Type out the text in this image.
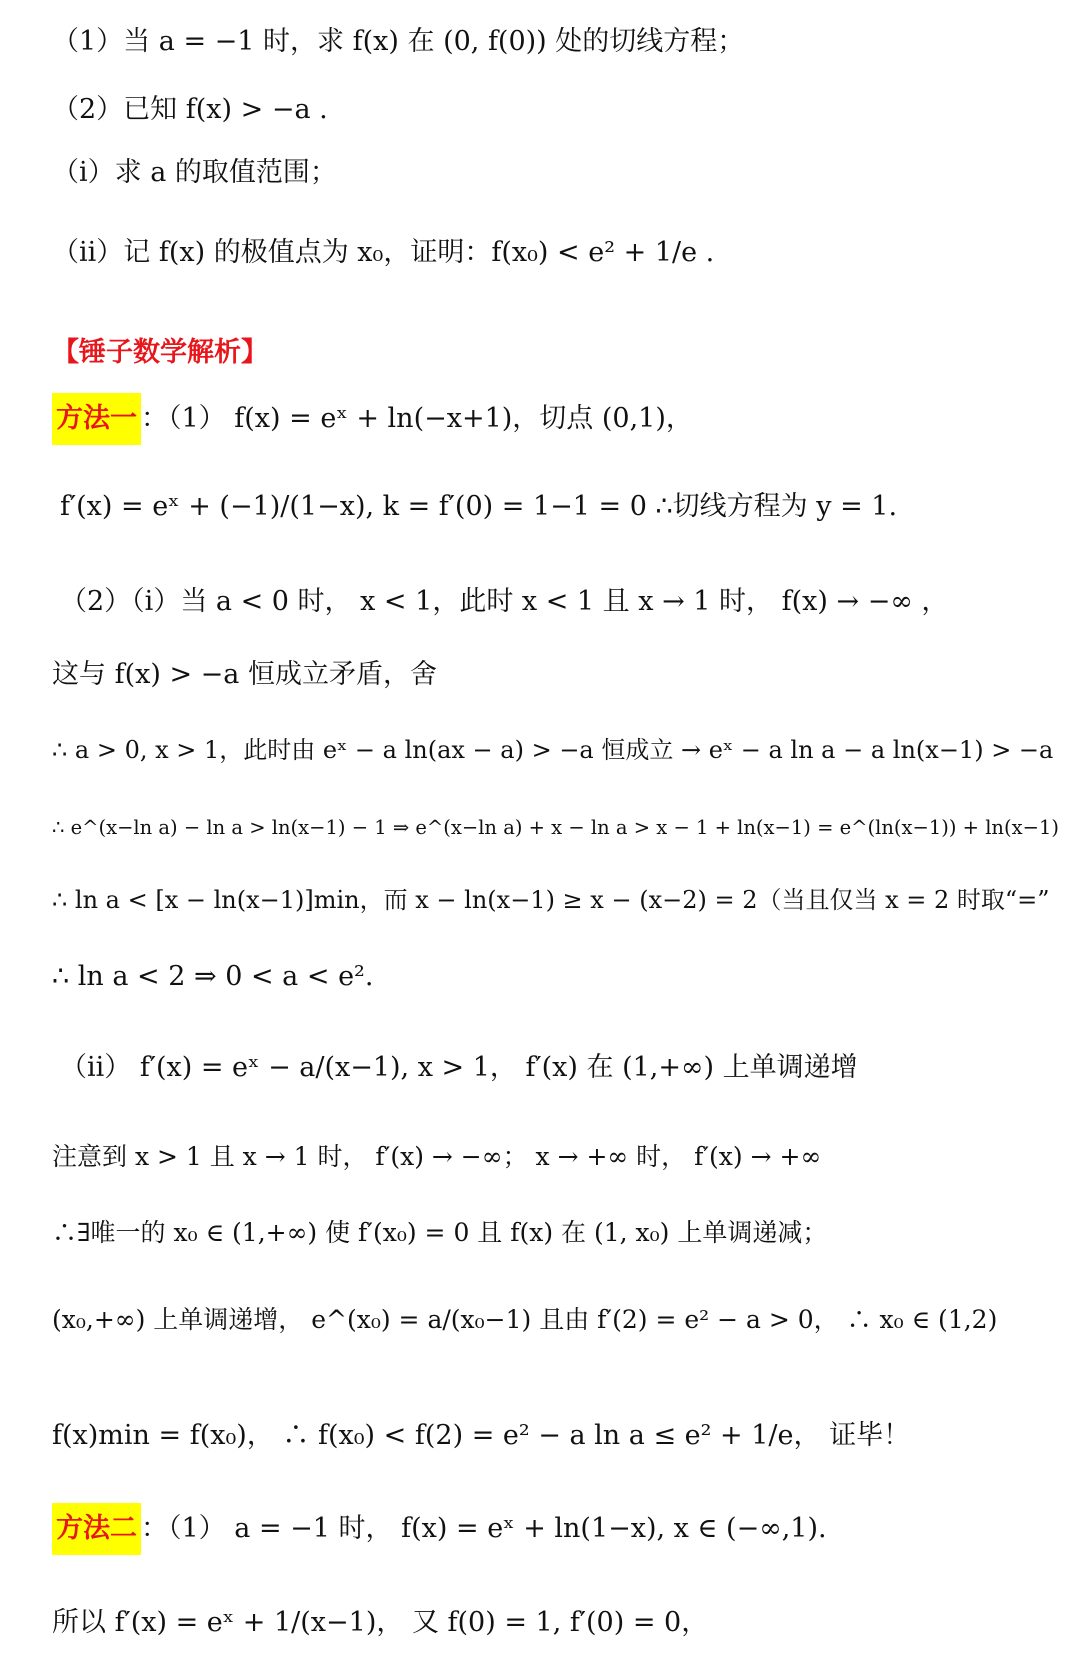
（1）当 a = −1 时，求 f(x) 在 (0, f(0)) 处的切线方程；
（2）已知 f(x) > −a .
（i）求 a 的取值范围；
（ii）记 f(x) 的极值点为 x₀，证明：f(x₀) < e² + 1/e .
【锤子数学解析】
方法一 ：（1） f(x) = eˣ + ln(−x+1)，切点 (0,1)，
f′(x) = eˣ + (−1)/(1−x), k = f′(0) = 1−1 = 0 ∴切线方程为 y = 1.
（2）（i）当 a < 0 时， x < 1，此时 x < 1 且 x → 1 时， f(x) → −∞ ，
这与 f(x) > −a 恒成立矛盾，舍
∴ a > 0, x > 1，此时由 eˣ − a ln(ax − a) > −a 恒成立 → eˣ − a ln a − a ln(x−1) > −a
∴ e^(x−ln a) − ln a > ln(x−1) − 1 ⇒ e^(x−ln a) + x − ln a > x − 1 + ln(x−1) = e^(ln(x−1)) + ln(x−1)
∴ ln a < [x − ln(x−1)]min，而 x − ln(x−1) ≥ x − (x−2) = 2（当且仅当 x = 2 时取“=”
∴ ln a < 2 ⇒ 0 < a < e².
（ii） f′(x) = eˣ − a/(x−1), x > 1， f′(x) 在 (1,+∞) 上单调递增
注意到 x > 1 且 x → 1 时， f′(x) → −∞； x → +∞ 时， f′(x) → +∞
∴∃唯一的 x₀ ∈ (1,+∞) 使 f′(x₀) = 0 且 f(x) 在 (1, x₀) 上单调递减；
(x₀,+∞) 上单调递增， e^(x₀) = a/(x₀−1) 且由 f′(2) = e² − a > 0， ∴ x₀ ∈ (1,2)
f(x)min = f(x₀)， ∴ f(x₀) < f(2) = e² − a ln a ≤ e² + 1/e， 证毕！
方法二 ：（1） a = −1 时， f(x) = eˣ + ln(1−x), x ∈ (−∞,1).
所以 f′(x) = eˣ + 1/(x−1)， 又 f(0) = 1, f′(0) = 0，
